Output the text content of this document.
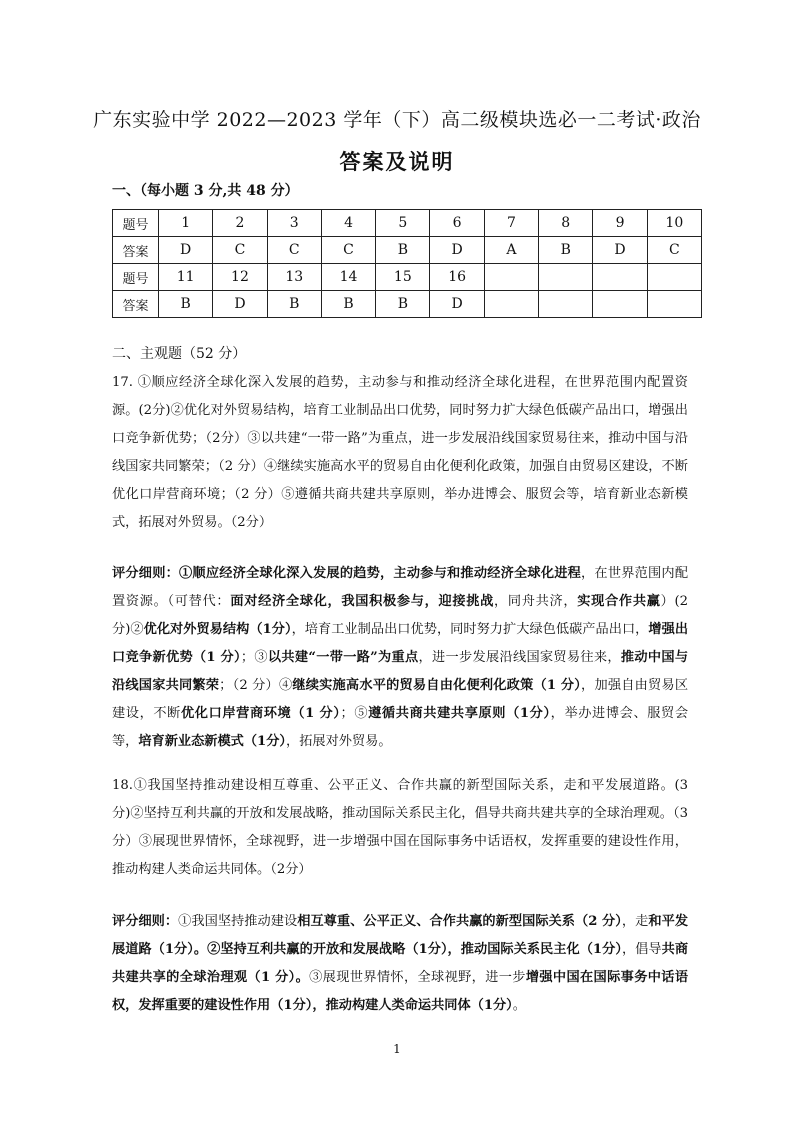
广东实验中学 2022—2023 学年（下）高二级模块选必一二考试·政治
答案及说明
一、（每小题 3 分,共 48 分）
题号	1	2	3	4	5	6	7	8	9	10
答案	D	C	C	C	B	D	A	B	D	C
题号	11	12	13	14	15	16				
答案	B	D	B	B	B	D				
二、主观题（52 分）
17. ①顺应经济全球化深入发展的趋势，主动参与和推动经济全球化进程，在世界范围内配置资源。(2分)②优化对外贸易结构，培育工业制品出口优势，同时努力扩大绿色低碳产品出口，增强出口竞争新优势；（2分）③以共建“一带一路”为重点，进一步发展沿线国家贸易往来，推动中国与沿线国家共同繁荣；（2 分）④继续实施高水平的贸易自由化便利化政策，加强自由贸易区建设，不断优化口岸营商环境；（2 分）⑤遵循共商共建共享原则，举办进博会、服贸会等，培育新业态新模式，拓展对外贸易。（2分）
评分细则：①顺应经济全球化深入发展的趋势，主动参与和推动经济全球化进程，在世界范围内配置资源。（可替代：面对经济全球化，我国积极参与，迎接挑战，同舟共济，实现合作共赢）(2分)②优化对外贸易结构（1分），培育工业制品出口优势，同时努力扩大绿色低碳产品出口，增强出口竞争新优势（1 分）；③以共建“一带一路”为重点，进一步发展沿线国家贸易往来，推动中国与沿线国家共同繁荣；（2 分）④继续实施高水平的贸易自由化便利化政策（1 分），加强自由贸易区建设，不断优化口岸营商环境（1 分）；⑤遵循共商共建共享原则（1分），举办进博会、服贸会等，培育新业态新模式（1分），拓展对外贸易。
18.①我国坚持推动建设相互尊重、公平正义、合作共赢的新型国际关系，走和平发展道路。(3分)②坚持互利共赢的开放和发展战略，推动国际关系民主化，倡导共商共建共享的全球治理观。（3 分）③展现世界情怀，全球视野，进一步增强中国在国际事务中话语权，发挥重要的建设性作用，推动构建人类命运共同体。（2分）
评分细则：①我国坚持推动建设相互尊重、公平正义、合作共赢的新型国际关系（2 分），走和平发展道路（1分）。②坚持互利共赢的开放和发展战略（1分），推动国际关系民主化（1分），倡导共商共建共享的全球治理观（1 分）。③展现世界情怀，全球视野，进一步增强中国在国际事务中话语权，发挥重要的建设性作用（1分），推动构建人类命运共同体（1分）。
1
